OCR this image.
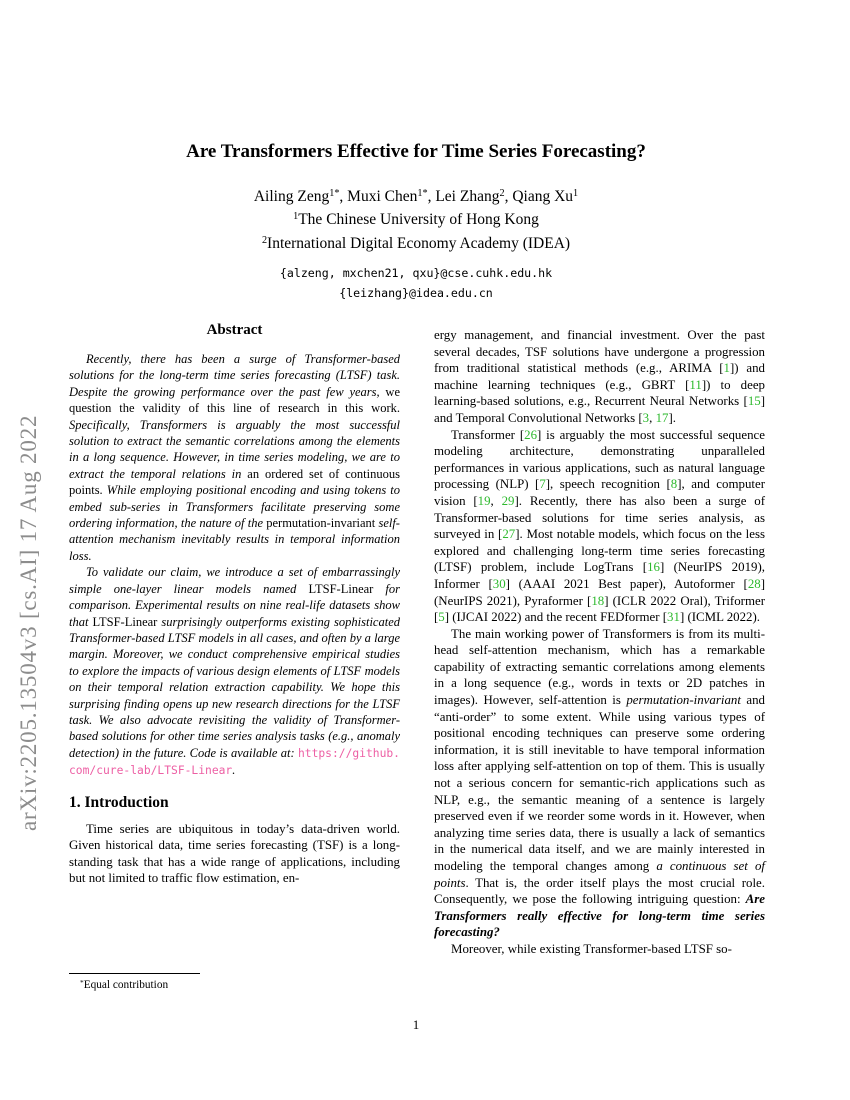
arXiv:2205.13504v3 [cs.AI] 17 Aug 2022
Are Transformers Effective for Time Series Forecasting?
Ailing Zeng$^{1*}$, Muxi Chen$^{1*}$, Lei Zhang$^2$, Qiang Xu$^1$
$^1$The Chinese University of Hong Kong
$^2$International Digital Economy Academy (IDEA)
{alzeng, mxchen21, qxu}@cse.cuhk.edu.hk
{leizhang}@idea.edu.cn
Abstract

Recently, there has been a surge of Transformer-based solutions for the long-term time series forecasting (LTSF) task. Despite the growing performance over the past few years, we question the validity of this line of research in this work. Specifically, Transformers is arguably the most successful solution to extract the semantic correlations among the elements in a long sequence. However, in time series modeling, we are to extract the temporal relations in an ordered set of continuous points. While employing positional encoding and using tokens to embed sub-series in Transformers facilitate preserving some ordering information, the nature of the permutation-invariant self-attention mechanism inevitably results in temporal information loss.

To validate our claim, we introduce a set of embarrassingly simple one-layer linear models named LTSF-Linear for comparison. Experimental results on nine real-life datasets show that LTSF-Linear surprisingly outperforms existing sophisticated Transformer-based LTSF models in all cases, and often by a large margin. Moreover, we conduct comprehensive empirical studies to explore the impacts of various design elements of LTSF models on their temporal relation extraction capability. We hope this surprising finding opens up new research directions for the LTSF task. We also advocate revisiting the validity of Transformer-based solutions for other time series analysis tasks (e.g., anomaly detection) in the future. Code is available at: https://github.com/cure-lab/LTSF-Linear.

1. Introduction

Time series are ubiquitous in today’s data-driven world. Given historical data, time series forecasting (TSF) is a long-standing task that has a wide range of applications, including but not limited to traffic flow estimation, en-

ergy management, and financial investment. Over the past several decades, TSF solutions have undergone a progression from traditional statistical methods (e.g., ARIMA [1]) and machine learning techniques (e.g., GBRT [11]) to deep learning-based solutions, e.g., Recurrent Neural Networks [15] and Temporal Convolutional Networks [3, 17].

Transformer [26] is arguably the most successful sequence modeling architecture, demonstrating unparalleled performances in various applications, such as natural language processing (NLP) [7], speech recognition [8], and computer vision [19, 29]. Recently, there has also been a surge of Transformer-based solutions for time series analysis, as surveyed in [27]. Most notable models, which focus on the less explored and challenging long-term time series forecasting (LTSF) problem, include LogTrans [16] (NeurIPS 2019), Informer [30] (AAAI 2021 Best paper), Autoformer [28] (NeurIPS 2021), Pyraformer [18] (ICLR 2022 Oral), Triformer [5] (IJCAI 2022) and the recent FEDformer [31] (ICML 2022).

The main working power of Transformers is from its multi-head self-attention mechanism, which has a remarkable capability of extracting semantic correlations among elements in a long sequence (e.g., words in texts or 2D patches in images). However, self-attention is permutation-invariant and “anti-order” to some extent. While using various types of positional encoding techniques can preserve some ordering information, it is still inevitable to have temporal information loss after applying self-attention on top of them. This is usually not a serious concern for semantic-rich applications such as NLP, e.g., the semantic meaning of a sentence is largely preserved even if we reorder some words in it. However, when analyzing time series data, there is usually a lack of semantics in the numerical data itself, and we are mainly interested in modeling the temporal changes among a continuous set of points. That is, the order itself plays the most crucial role. Consequently, we pose the following intriguing question: Are Transformers really effective for long-term time series forecasting?

Moreover, while existing Transformer-based LTSF so-

*Equal contribution
1
